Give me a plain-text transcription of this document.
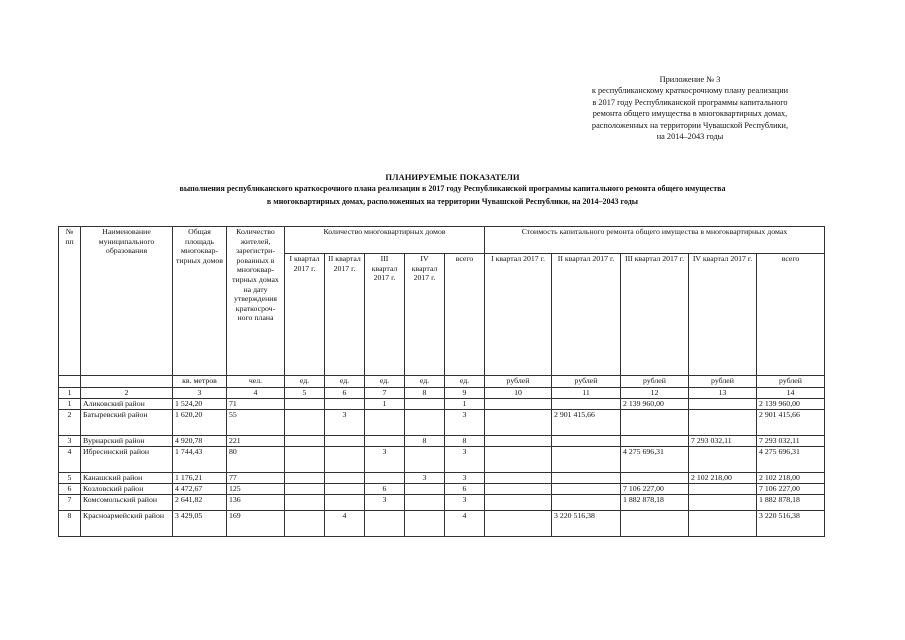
Приложение № 3
к республиканскому краткосрочному плану реализации
в 2017 году Республиканской программы капитального
ремонта общего имущества в многоквартирных домах,
расположенных на территории Чувашской Республики,
на 2014–2043 годы
ПЛАНИРУЕМЫЕ ПОКАЗАТЕЛИ
выполнения республиканского краткосрочного плана реализации в 2017 году Республиканской программы капитального ремонта общего имущества
в многоквартирных домах, расположенных на территории Чувашской Республики, на 2014–2043 годы
№ пп	Наименование муниципального образования	Общая площадь многоквар-тирных домов	Количество жителей, зарегистри-рованных в многоквар-тирных домах на дату утверждения краткосроч-ного плана	Количество многоквартирных домов					Стоимость капитального ремонта общего имущества в многоквартирных домах				
				I квартал 2017 г.	II квартал 2017 г.	III квартал 2017 г.	IV квартал 2017 г.	всего	I квартал 2017 г.	II квартал 2017 г.	III квартал 2017 г.	IV квартал 2017 г.	всего
		кв. метров	чел.	ед.	ед.	ед.	ед.	ед.	рублей	рублей	рублей	рублей	рублей
1	2	3	4	5	6	7	8	9	10	11	12	13	14
1	Аликовский район	1 524,20	71			1		1			2 139 960,00		2 139 960,00
2	Батыревский район	1 620,20	55		3			3		2 901 415,66			2 901 415,66
3	Вурнарский район	4 920,78	221				8	8				7 293 032,11	7 293 032,11
4	Ибресинский район	1 744,43	80			3		3			4 275 696,31		4 275 696,31
5	Канашский район	1 176,21	77				3	3				2 102 218,00	2 102 218,00
6	Козловский район	4 472,67	125			6		6			7 106 227,00		7 106 227,00
7	Комсомольский район	2 641,82	136			3		3			1 882 878,18		1 882 878,18
8	Красноармейский район	3 429,05	169		4			4		3 220 516,38			3 220 516,38
